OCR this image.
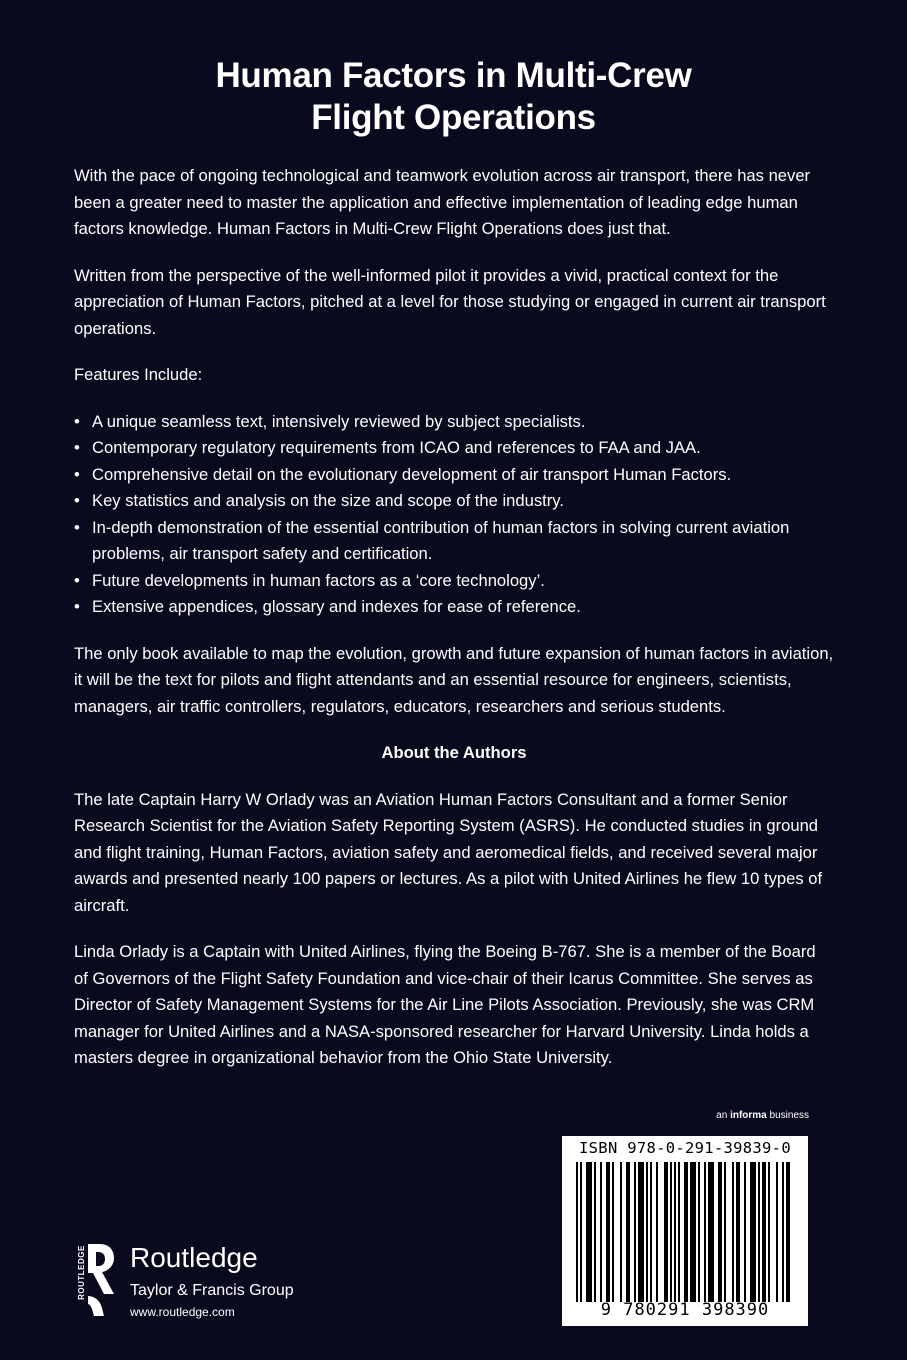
Human Factors in Multi-Crew
Flight Operations

With the pace of ongoing technological and teamwork evolution across air transport, there has never been a greater need to master the application and effective implementation of leading edge human factors knowledge. Human Factors in Multi-Crew Flight Operations does just that.

Written from the perspective of the well-informed pilot it provides a vivid, practical context for the appreciation of Human Factors, pitched at a level for those studying or engaged in current air transport operations.

Features Include:

• A unique seamless text, intensively reviewed by subject specialists.
• Contemporary regulatory requirements from ICAO and references to FAA and JAA.
• Comprehensive detail on the evolutionary development of air transport Human Factors.
• Key statistics and analysis on the size and scope of the industry.
• In-depth demonstration of the essential contribution of human factors in solving current aviation problems, air transport safety and certification.
• Future developments in human factors as a ‘core technology’.
• Extensive appendices, glossary and indexes for ease of reference.

The only book available to map the evolution, growth and future expansion of human factors in aviation, it will be the text for pilots and flight attendants and an essential resource for engineers, scientists, managers, air traffic controllers, regulators, educators, researchers and serious students.

About the Authors

The late Captain Harry W Orlady was an Aviation Human Factors Consultant and a former Senior Research Scientist for the Aviation Safety Reporting System (ASRS). He conducted studies in ground and flight training, Human Factors, aviation safety and aeromedical fields, and received several major awards and presented nearly 100 papers or lectures. As a pilot with United Airlines he flew 10 types of aircraft.

Linda Orlady is a Captain with United Airlines, flying the Boeing B-767. She is a member of the Board of Governors of the Flight Safety Foundation and vice-chair of their Icarus Committee. She serves as Director of Safety Management Systems for the Air Line Pilots Association. Previously, she was CRM manager for United Airlines and a NASA-sponsored researcher for Harvard University. Linda holds a masters degree in organizational behavior from the Ohio State University.

an informa business
ISBN 978-0-291-39839-0
9 780291 398390
ROUTLEDGE Routledge
Taylor & Francis Group
www.routledge.com
